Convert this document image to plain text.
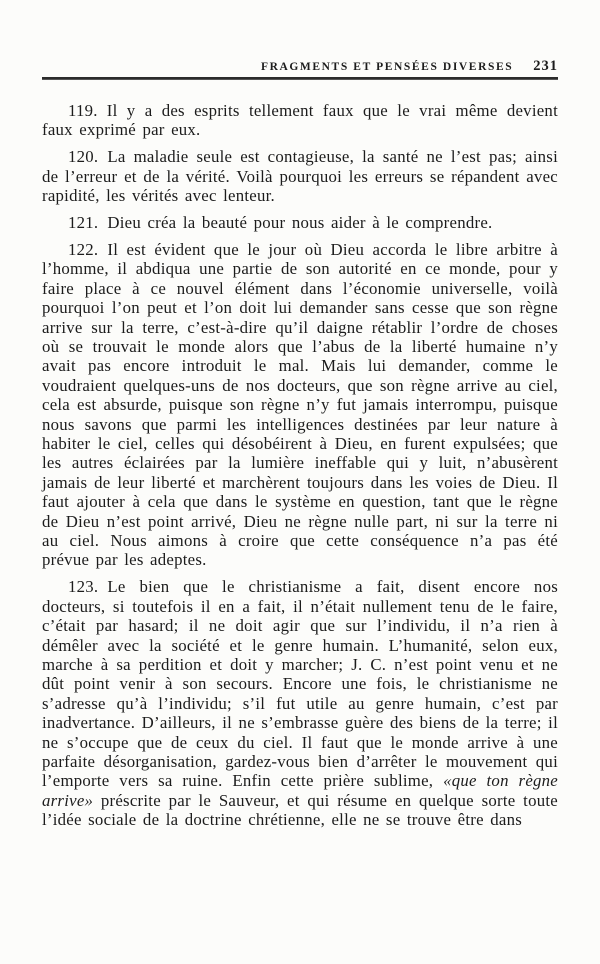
FRAGMENTS ET PENSÉES DIVERSES 231

119. Il y a des esprits tellement faux que le vrai même devient faux exprimé par eux.

120. La maladie seule est contagieuse, la santé ne l’est pas; ainsi de l’erreur et de la vérité. Voilà pourquoi les erreurs se répandent avec rapidité, les vérités avec lenteur.

121. Dieu créa la beauté pour nous aider à le comprendre.

122. Il est évident que le jour où Dieu accorda le libre arbitre à l’homme, il abdiqua une partie de son autorité en ce monde, pour y faire place à ce nouvel élément dans l’économie universelle, voilà pourquoi l’on peut et l’on doit lui demander sans cesse que son règne arrive sur la terre, c’est-à-dire qu’il daigne rétablir l’ordre de choses où se trouvait le monde alors que l’abus de la liberté humaine n’y avait pas encore introduit le mal. Mais lui demander, comme le voudraient quelques-uns de nos docteurs, que son règne arrive au ciel, cela est absurde, puisque son règne n’y fut jamais interrompu, puisque nous savons que parmi les intelligences destinées par leur nature à habiter le ciel, celles qui désobéirent à Dieu, en furent expulsées; que les autres éclairées par la lumière ineffable qui y luit, n’abusèrent jamais de leur liberté et marchèrent toujours dans les voies de Dieu. Il faut ajouter à cela que dans le système en question, tant que le règne de Dieu n’est point arrivé, Dieu ne règne nulle part, ni sur la terre ni au ciel. Nous aimons à croire que cette conséquence n’a pas été prévue par les adeptes.

123. Le bien que le christianisme a fait, disent encore nos docteurs, si toutefois il en a fait, il n’était nullement tenu de le faire, c’était par hasard; il ne doit agir que sur l’individu, il n’a rien à démêler avec la société et le genre humain. L’humanité, selon eux, marche à sa perdition et doit y marcher; J. C. n’est point venu et ne dût point venir à son secours. Encore une fois, le christianisme ne s’adresse qu’à l’individu; s’il fut utile au genre humain, c’est par inadvertance. D’ailleurs, il ne s’embrasse guère des biens de la terre; il ne s’occupe que de ceux du ciel. Il faut que le monde arrive à une parfaite désorganisation, gardez-vous bien d’arrêter le mouvement qui l’emporte vers sa ruine. Enfin cette prière sublime, «que ton règne arrive» préscrite par le Sauveur, et qui résume en quelque sorte toute l’idée sociale de la doctrine chrétienne, elle ne se trouve être dans
